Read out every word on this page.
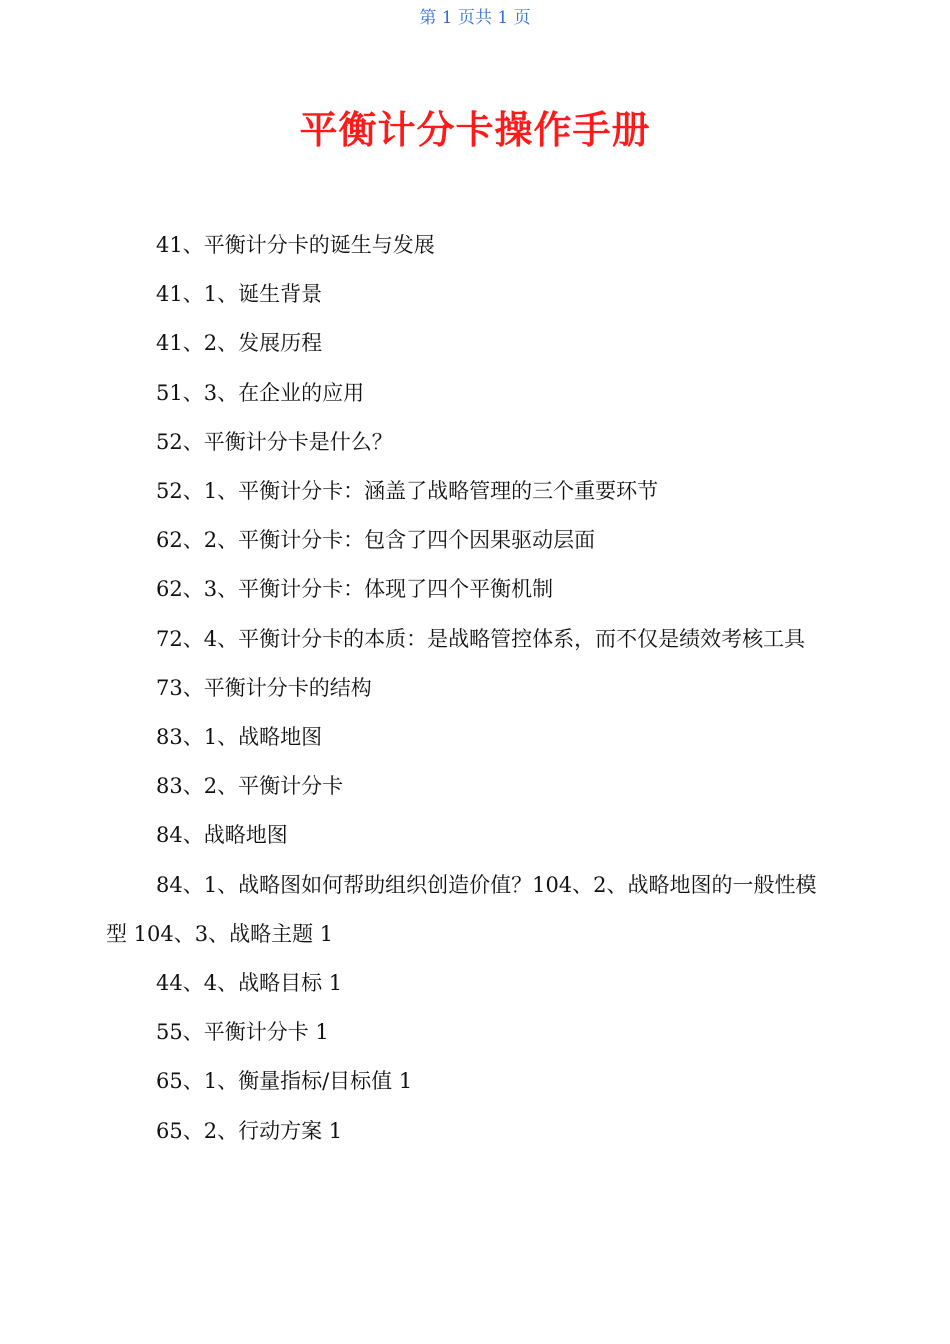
第 1 页共 1 页
平衡计分卡操作手册
41、平衡计分卡的诞生与发展
41、1、诞生背景
41、2、发展历程
51、3、在企业的应用
52、平衡计分卡是什么？
52、1、平衡计分卡：涵盖了战略管理的三个重要环节
62、2、平衡计分卡：包含了四个因果驱动层面
62、3、平衡计分卡：体现了四个平衡机制
72、4、平衡计分卡的本质：是战略管控体系，而不仅是绩效考核工具
73、平衡计分卡的结构
83、1、战略地图
83、2、平衡计分卡
84、战略地图
84、1、战略图如何帮助组织创造价值？104、2、战略地图的一般性模型 104、3、战略主题 1
44、4、战略目标 1
55、平衡计分卡 1
65、1、衡量指标/目标值 1
65、2、行动方案 1
